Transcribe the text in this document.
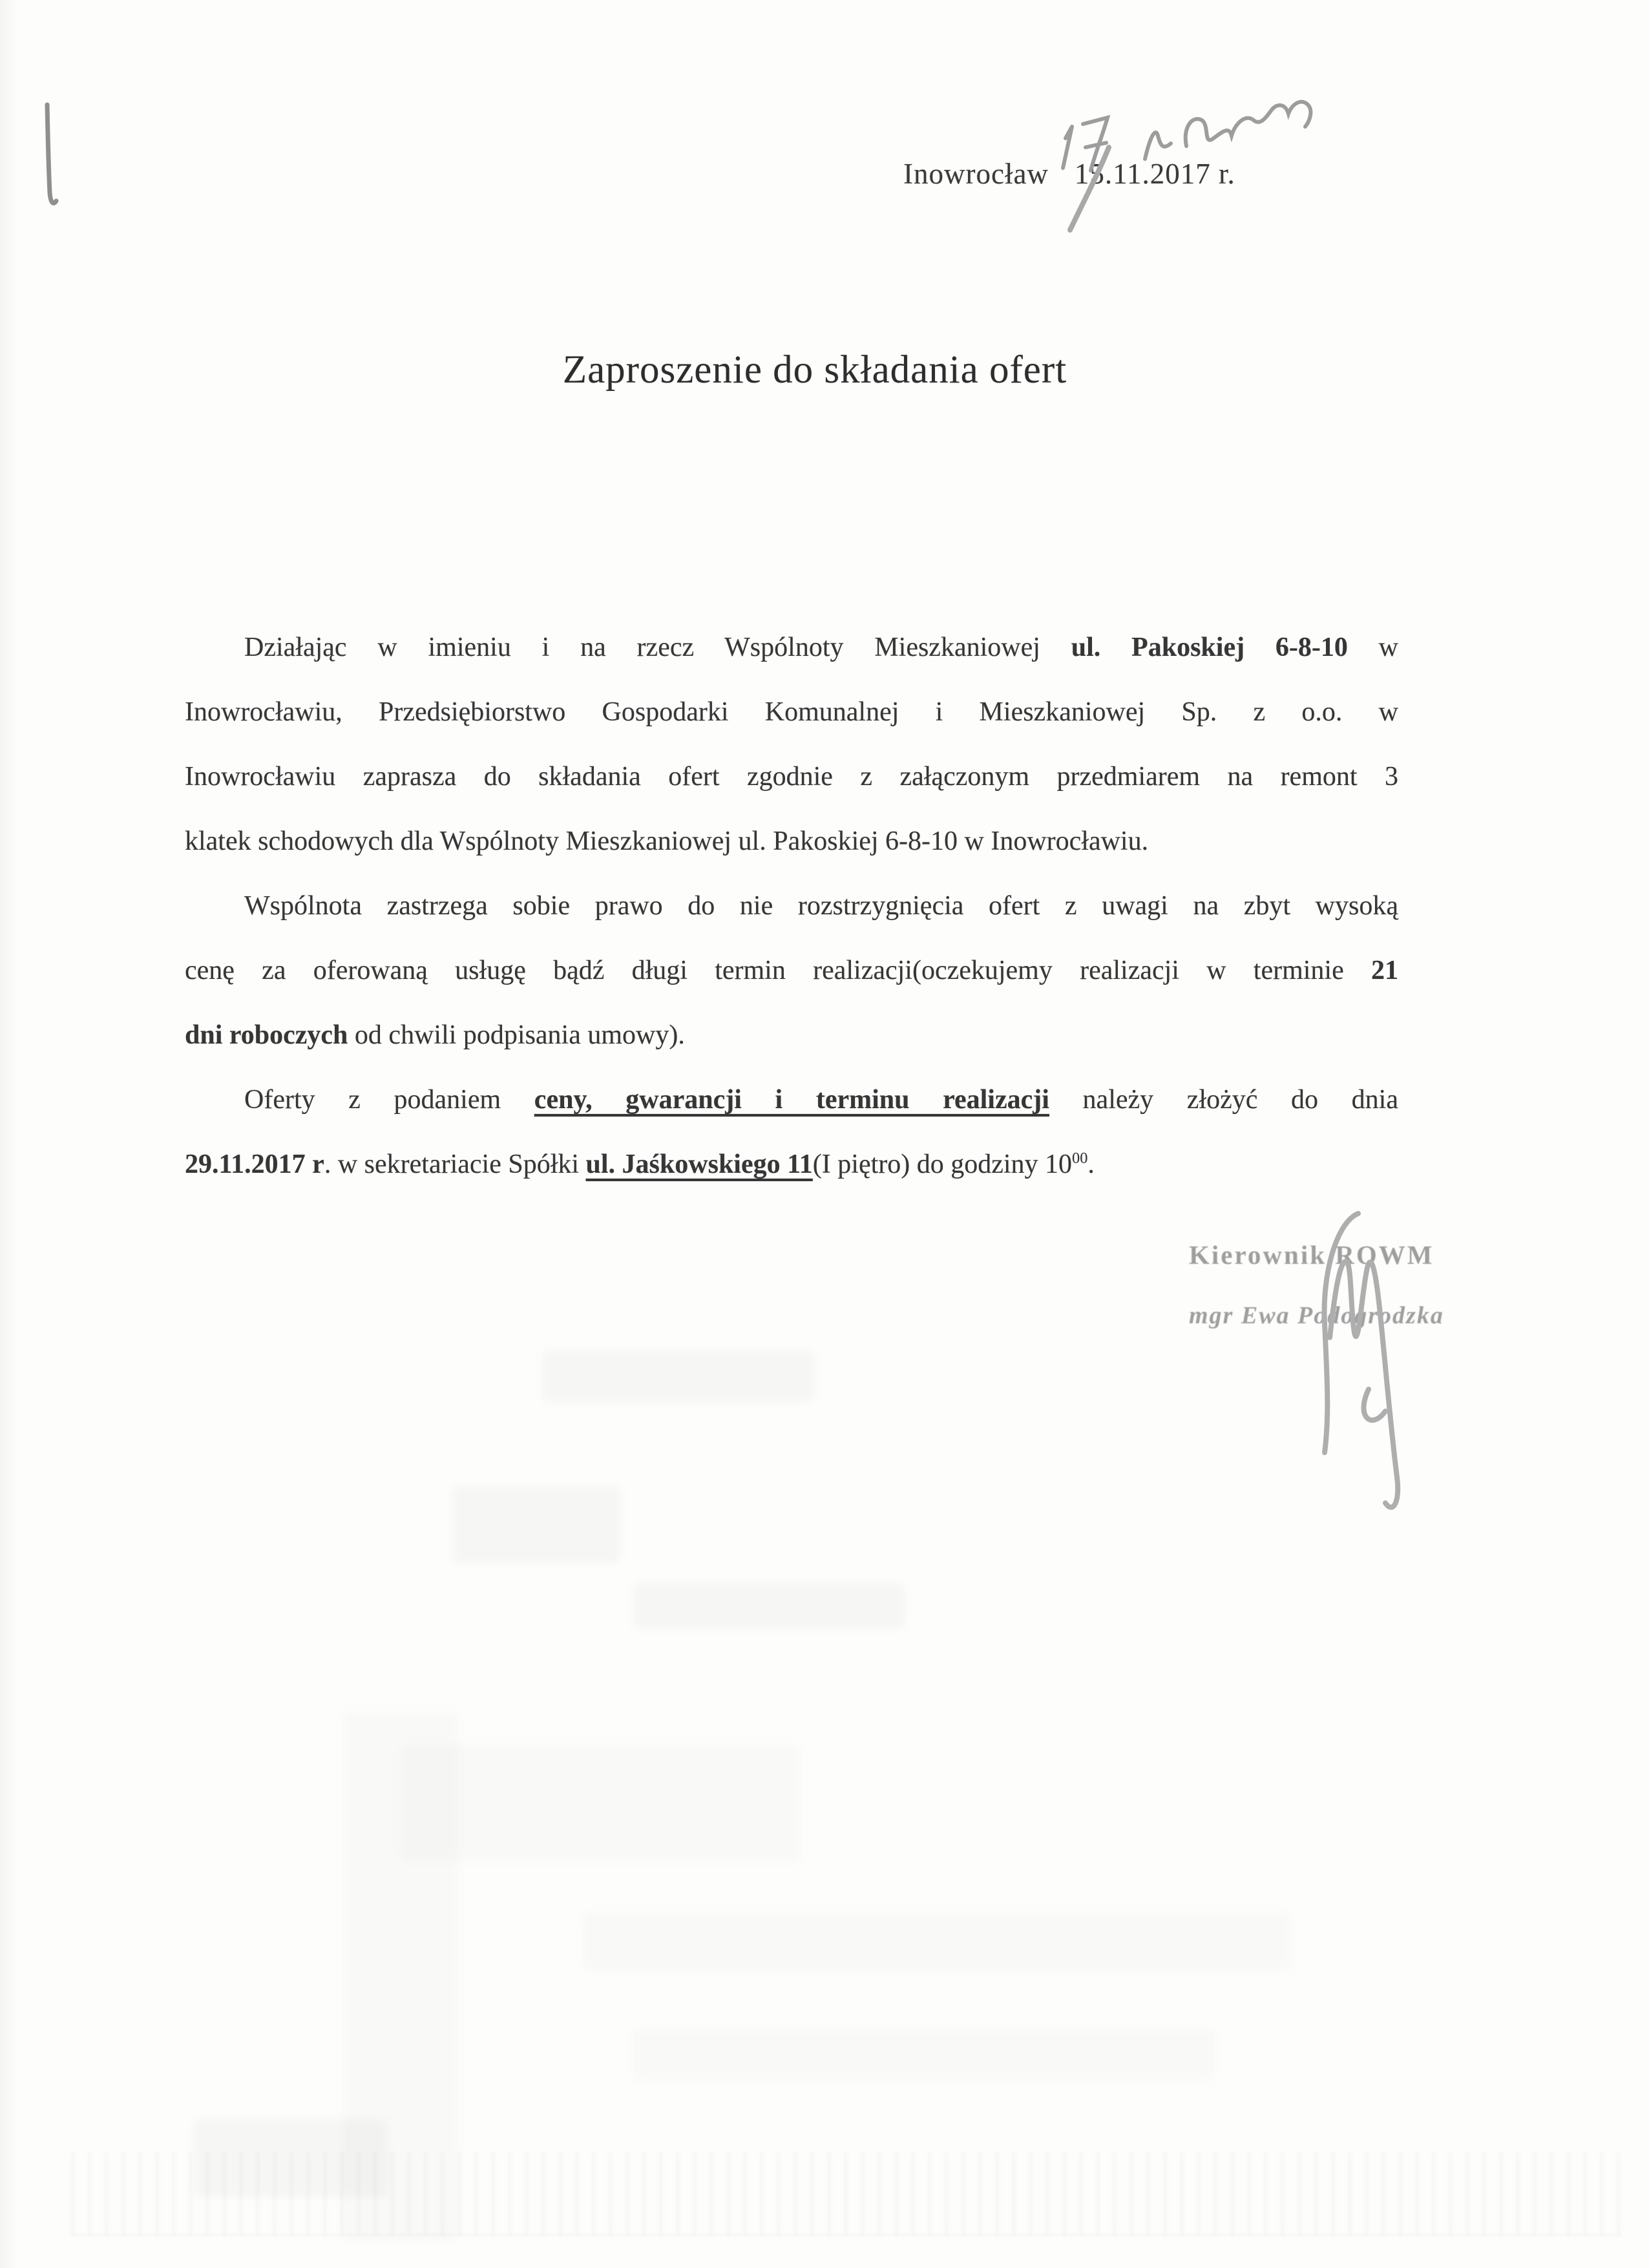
Inowrocław 15.11.2017 r.
Zaproszenie do składania ofert
Działając w imieniu i na rzecz Wspólnoty Mieszkaniowej ul. Pakoskiej 6-8-10 w
Inowrocławiu, Przedsiębiorstwo Gospodarki Komunalnej i Mieszkaniowej Sp. z o.o. w
Inowrocławiu zaprasza do składania ofert zgodnie z załączonym przedmiarem na remont 3
klatek schodowych dla Wspólnoty Mieszkaniowej ul. Pakoskiej 6-8-10 w Inowrocławiu.
Wspólnota zastrzega sobie prawo do nie rozstrzygnięcia ofert z uwagi na zbyt wysoką
cenę za oferowaną usługę bądź długi termin realizacji(oczekujemy realizacji w terminie 21
dni roboczych od chwili podpisania umowy).
Oferty z podaniem ceny, gwarancji i terminu realizacji należy złożyć do dnia
29.11.2017 r. w sekretariacie Spółki ul. Jaśkowskiego 11(I piętro) do godziny $10^{00}$.
Kierownik ROWM
mgr Ewa Podogrodzka
